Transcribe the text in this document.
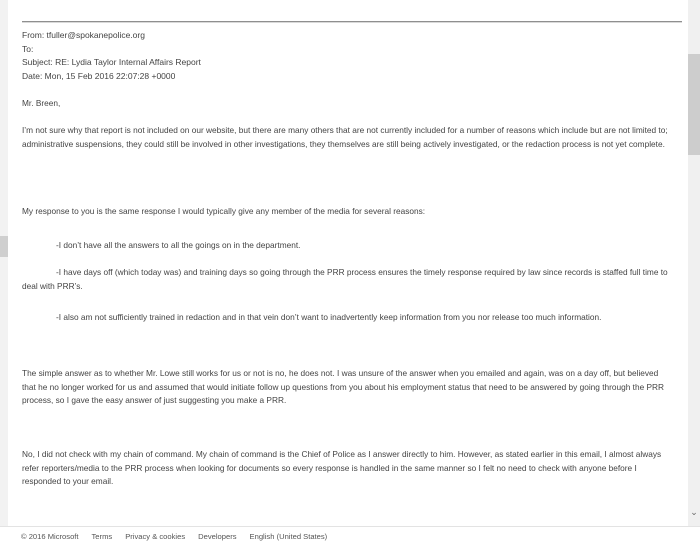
From: tfuller@spokanepolice.org
To:
Subject: RE: Lydia Taylor Internal Affairs Report
Date: Mon, 15 Feb 2016 22:07:28 +0000
Mr. Breen,
I’m not sure why that report is not included on our website, but there are many others that are not currently included for a number of reasons which include but are not limited to; administrative suspensions, they could still be involved in other investigations, they themselves are still being actively investigated, or the redaction process is not yet complete.
My response to you is the same response I would typically give any member of the media for several reasons:
-I don’t have all the answers to all the goings on in the department.
-I have days off (which today was) and training days so going through the PRR process ensures the timely response required by law since records is staffed full time to deal with PRR’s.
-I also am not sufficiently trained in redaction and in that vein don’t want to inadvertently keep information from you nor release too much information.
The simple answer as to whether Mr. Lowe still works for us or not is no, he does not. I was unsure of the answer when you emailed and again, was on a day off, but believed that he no longer worked for us and assumed that would initiate follow up questions from you about his employment status that need to be answered by going through the PRR process, so I gave the easy answer of just suggesting you make a PRR.
No, I did not check with my chain of command. My chain of command is the Chief of Police as I answer directly to him. However, as stated earlier in this email, I almost always refer reporters/media to the PRR process when looking for documents so every response is handled in the same manner so I felt no need to check with anyone before I responded to your email.
⌄
© 2016 Microsoft Terms Privacy & cookies Developers English (United States)
